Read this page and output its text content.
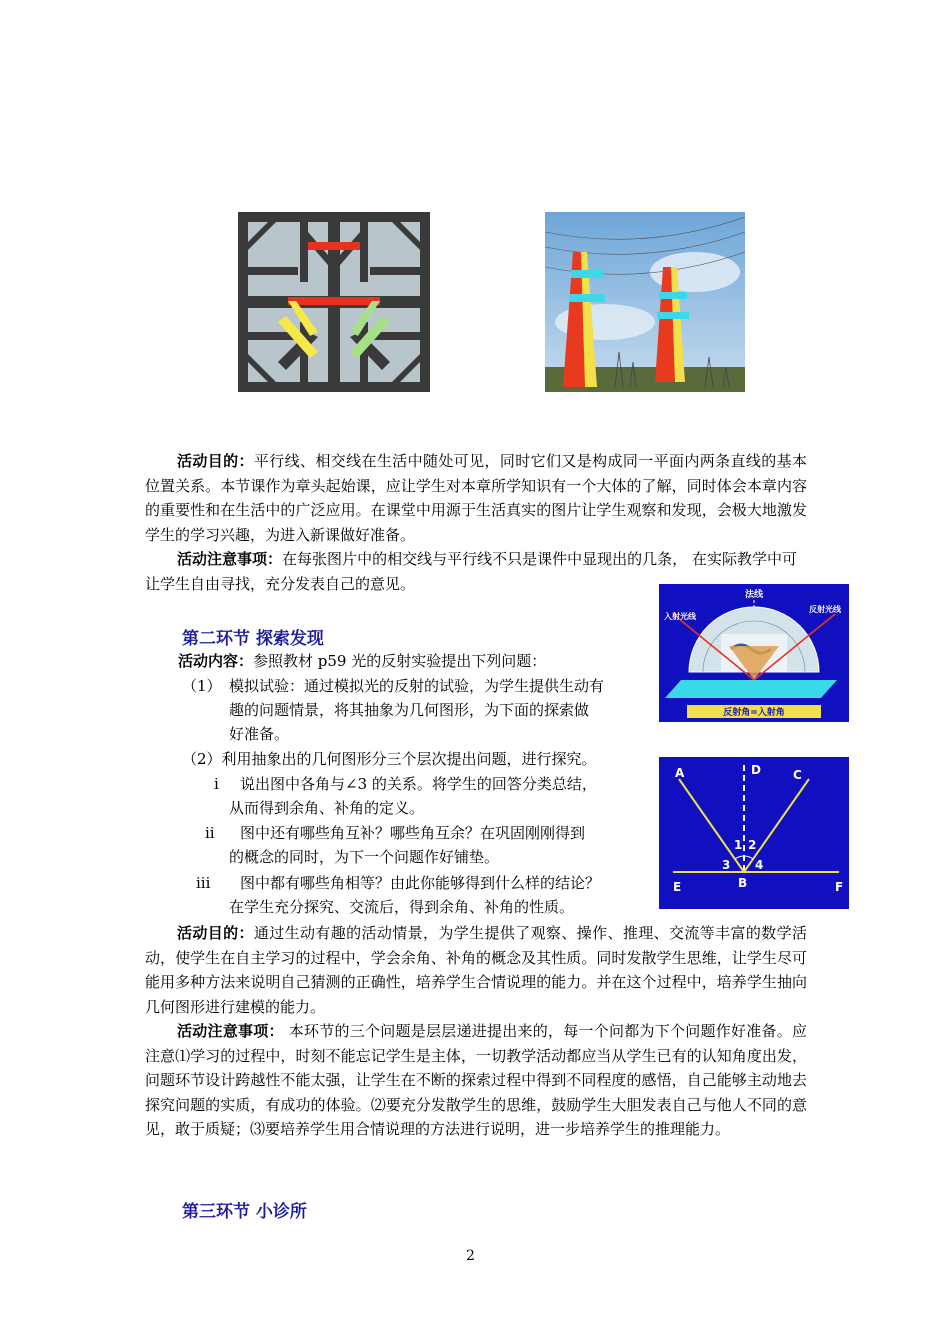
活动目的：平行线、相交线在生活中随处可见，同时它们又是构成同一平面内两条直线的基本位置关系。本节课作为章头起始课，应让学生对本章所学知识有一个大体的了解，同时体会本章内容的重要性和在生活中的广泛应用。在课堂中用源于生活真实的图片让学生观察和发现，会极大地激发学生的学习兴趣，为进入新课做好准备。
活动注意事项：在每张图片中的相交线与平行线不只是课件中显现出的几条， 在实际教学中可让学生自由寻找，充分发表自己的意见。
第二环节 探索发现
活动内容：参照教材 p59 光的反射实验提出下列问题：
（1） 模拟试验：通过模拟光的反射的试验，为学生提供生动有
趣的问题情景，将其抽象为几何图形，为下面的探索做
好准备。
（2）利用抽象出的几何图形分三个层次提出问题，进行探究。
i 说出图中各角与∠3 的关系。将学生的回答分类总结，
从而得到余角、补角的定义。
ii 图中还有哪些角互补？哪些角互余？在巩固刚刚得到
的概念的同时，为下一个问题作好铺垫。
iii 图中都有哪些角相等？由此你能够得到什么样的结论？
在学生充分探究、交流后，得到余角、补角的性质。
活动目的：通过生动有趣的活动情景，为学生提供了观察、操作、推理、交流等丰富的数学活动，使学生在自主学习的过程中，学会余角、补角的概念及其性质。同时发散学生思维，让学生尽可能用多种方法来说明自己猜测的正确性，培养学生合情说理的能力。并在这个过程中，培养学生抽向几何图形进行建模的能力。
活动注意事项： 本环节的三个问题是层层递进提出来的，每一个问都为下个问题作好准备。应注意⑴学习的过程中，时刻不能忘记学生是主体，一切教学活动都应当从学生已有的认知角度出发，问题环节设计跨越性不能太强，让学生在不断的探索过程中得到不同程度的感悟，自己能够主动地去探究问题的实质，有成功的体验。⑵要充分发散学生的思维，鼓励学生大胆发表自己与他人不同的意见，敢于质疑；⑶要培养学生用合情说理的方法进行说明，进一步培养学生的推理能力。
第三环节 小诊所
法线
入射光线
反射光线
反射角=入射角
A	D	C
B
E	F
1 2
3 4
2
